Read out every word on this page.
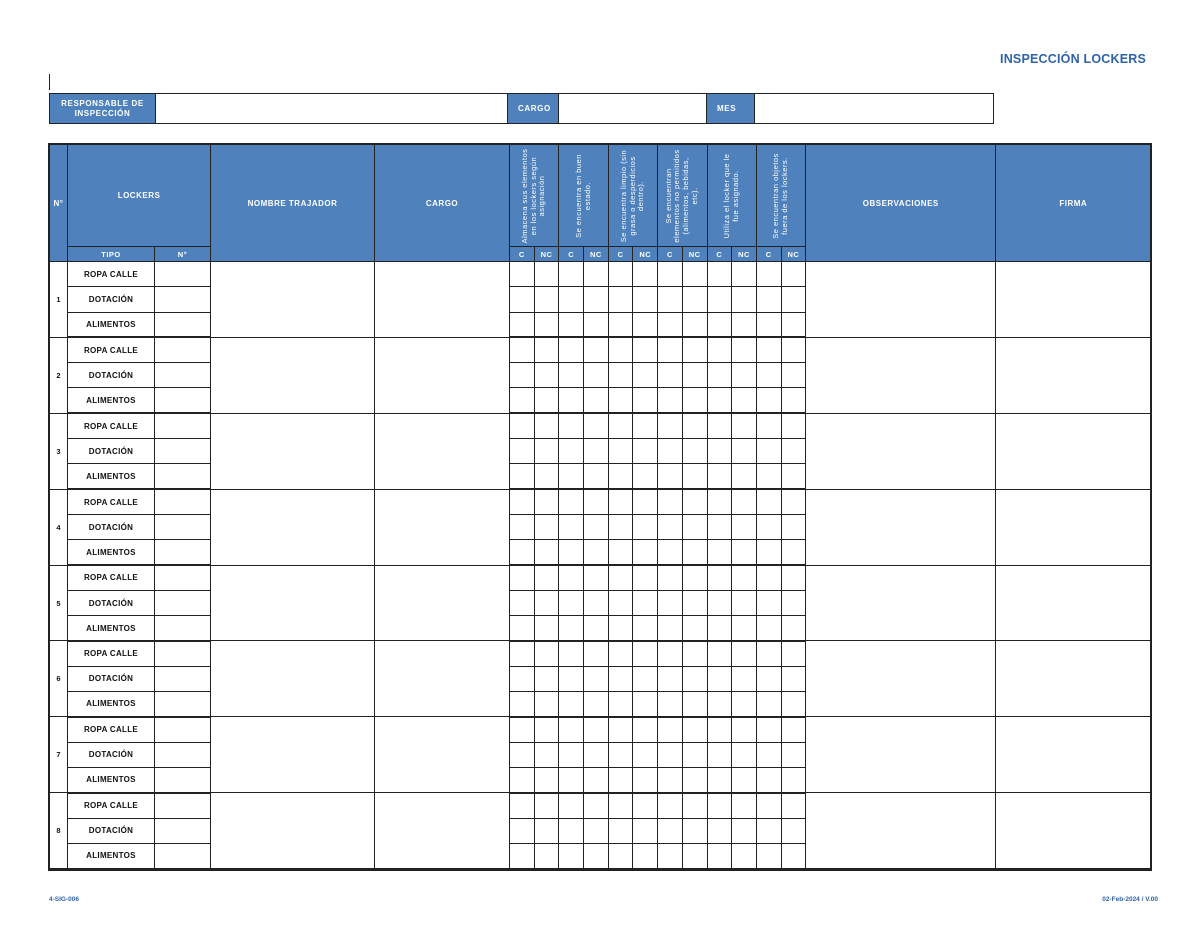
INSPECCIÓN LOCKERS
RESPONSABLE DE INSPECCIÓN
CARGO	MES
N°	LOCKERS		NOMBRE TRAJADOR	CARGO	Almacena sus elementos en los lockers según asignación		Se encuentra en buen estado.		Se encuentra limpio (sin grasa o desperdicios dentro).		Se encuentran elementos no permitidos (alimentos, bebidas, etc).		Utiliza el locker que le fue asignado.		Se encuentran objetos fuera de los lockers.		OBSERVACIONES	FIRMA
	TIPO	N°			C	NC	C	NC	C	NC	C	NC	C	NC	C	NC		
1	ROPA CALLE																	
	DOTACIÓN																	
	ALIMENTOS																	
2	ROPA CALLE																	
	DOTACIÓN																	
	ALIMENTOS																	
3	ROPA CALLE																	
	DOTACIÓN																	
	ALIMENTOS																	
4	ROPA CALLE																	
	DOTACIÓN																	
	ALIMENTOS																	
5	ROPA CALLE																	
	DOTACIÓN																	
	ALIMENTOS																	
6	ROPA CALLE																	
	DOTACIÓN																	
	ALIMENTOS																	
7	ROPA CALLE																	
	DOTACIÓN																	
	ALIMENTOS																	
8	ROPA CALLE																	
	DOTACIÓN																	
	ALIMENTOS																	
4-SIG-006	02-Feb-2024 / V.00
